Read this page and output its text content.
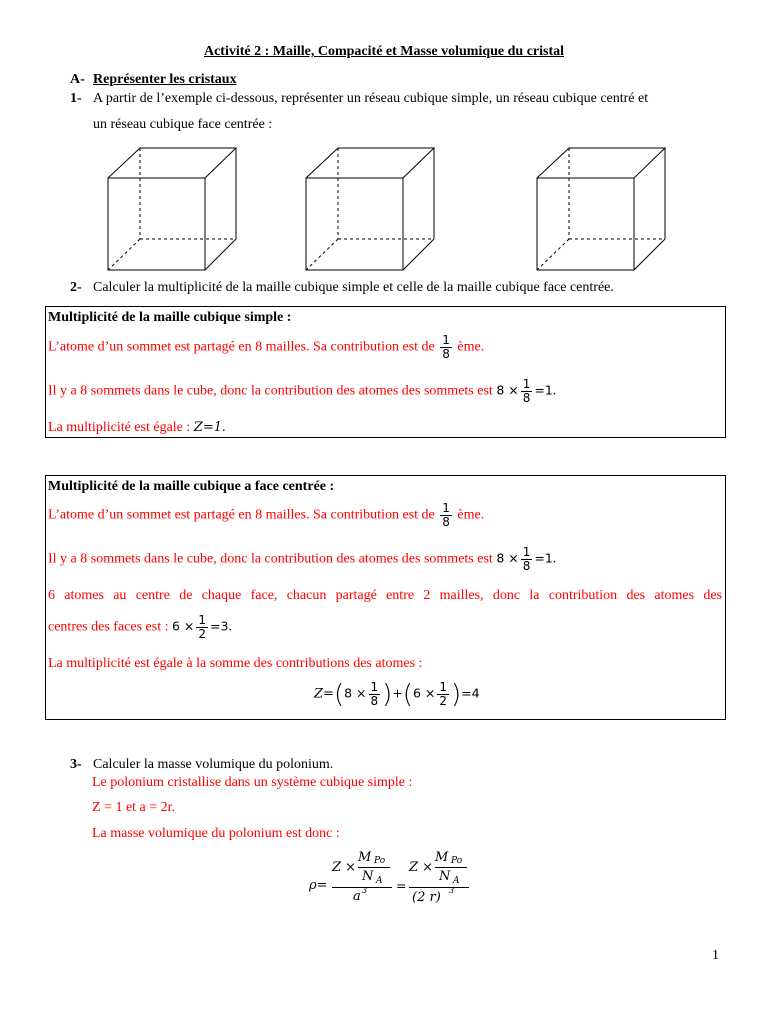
Activité 2 : Maille, Compacité et Masse volumique du cristal
A- Représenter les cristaux
1- A partir de l’exemple ci-dessous, représenter un réseau cubique simple, un réseau cubique centré et
un réseau cubique face centrée :
2- Calculer la multiplicité de la maille cubique simple et celle de la maille cubique face centrée.
Multiplicité de la maille cubique simple :
L’atome d’un sommet est partagé en 8 mailles. Sa contribution est de $\frac{1}{8}$ ème.
Il y a 8 sommets dans le cube, donc la contribution des atomes des sommets est $8 \times \frac{1}{8} =1$.
La multiplicité est égale : Z=1.
Multiplicité de la maille cubique a face centrée :
L’atome d’un sommet est partagé en 8 mailles. Sa contribution est de $\frac{1}{8}$ ème.
Il y a 8 sommets dans le cube, donc la contribution des atomes des sommets est $8 \times \frac{1}{8} =1$.
6 atomes au centre de chaque face, chacun partagé entre 2 mailles, donc la contribution des atomes des
centres des faces est : $6 \times \frac{1}{2} =3$.
La multiplicité est égale à la somme des contributions des atomes :
$Z=(8 \times \frac{1}{8} )+(6 \times \frac{1}{2} )=4$
3- Calculer la masse volumique du polonium.
Le polonium cristallise dans un système cubique simple :
Z = 1 et a = 2r.
La masse volumique du polonium est donc :
ρ=
Z ×
M Po
N A
a 3 =
Z ×
M Po
N A
(2 r) 3
1
